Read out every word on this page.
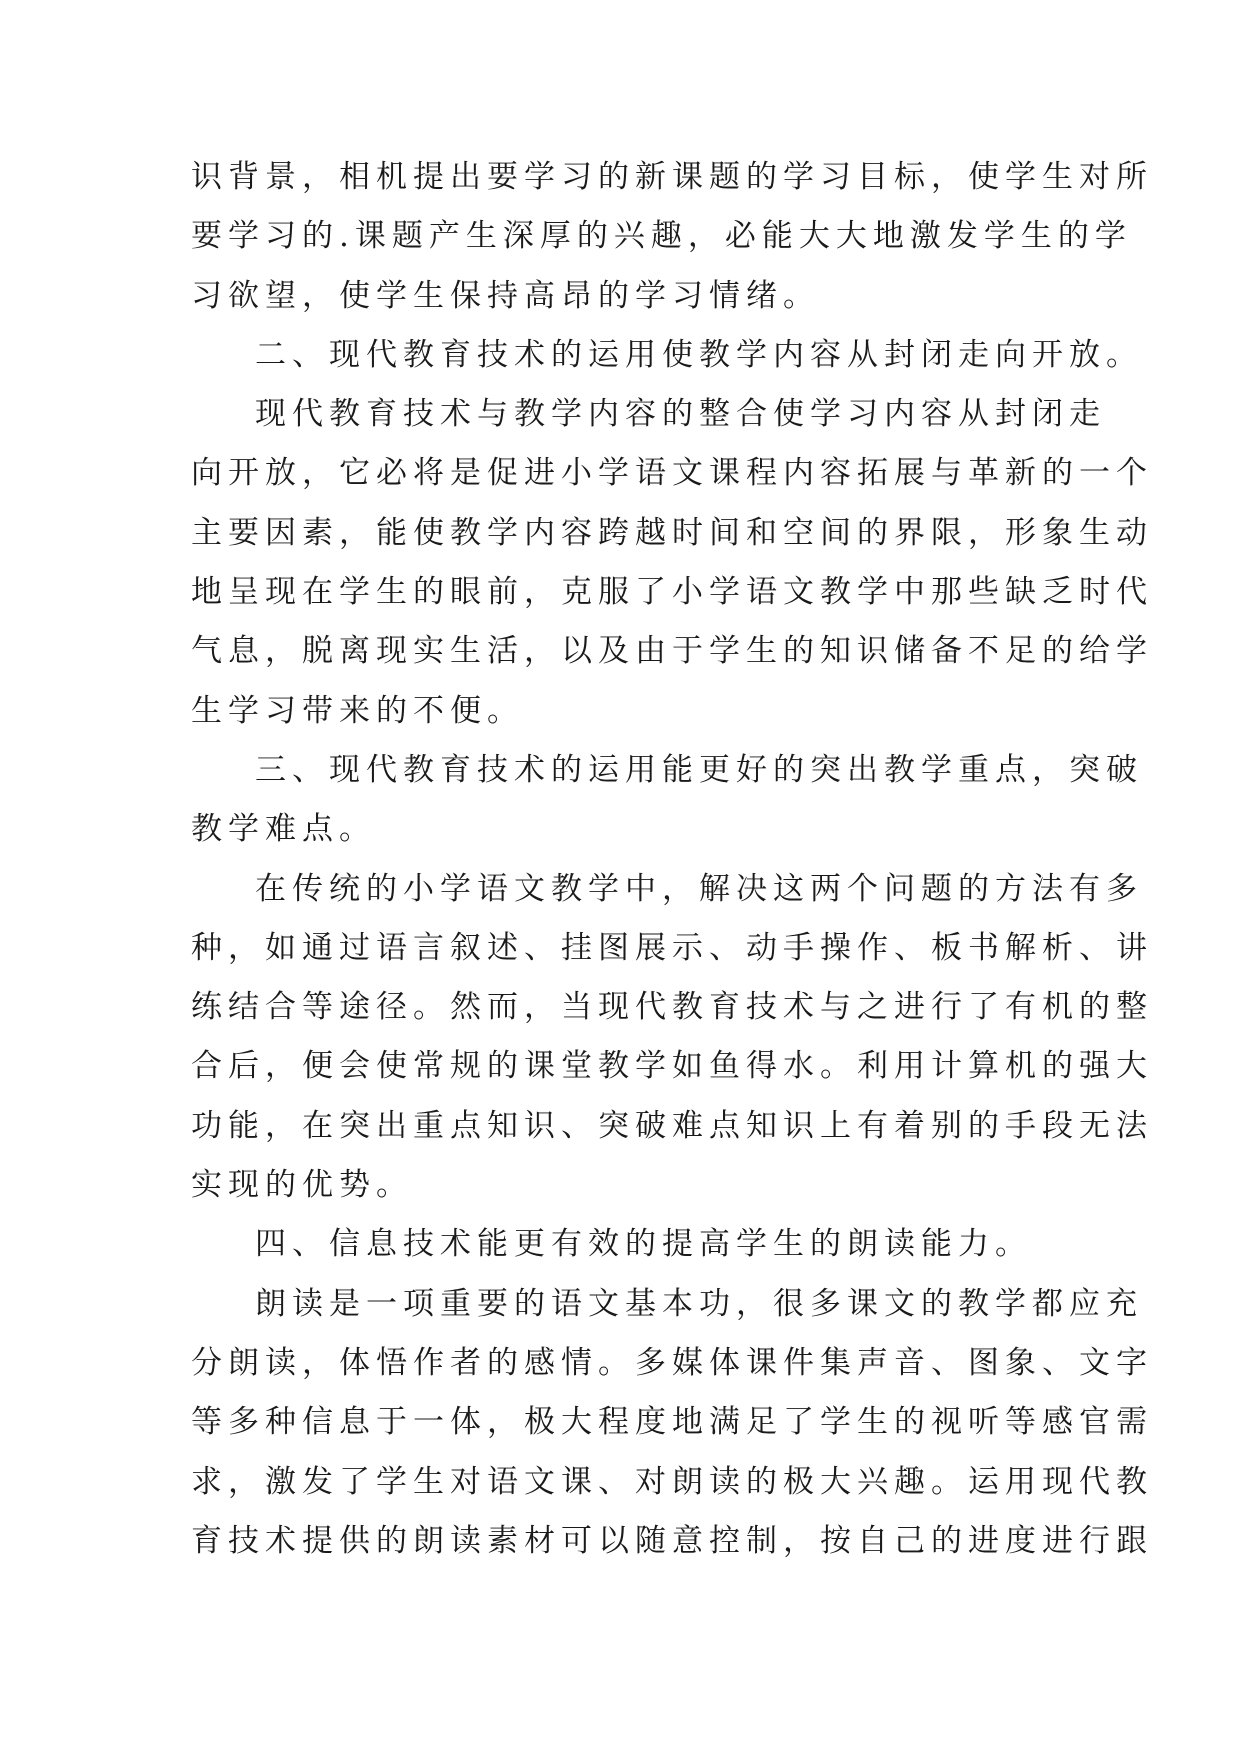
识背景，相机提出要学习的新课题的学习目标，使学生对所
要学习的.课题产生深厚的兴趣，必能大大地激发学生的学
习欲望，使学生保持高昂的学习情绪。
二、现代教育技术的运用使教学内容从封闭走向开放。
现代教育技术与教学内容的整合使学习内容从封闭走
向开放，它必将是促进小学语文课程内容拓展与革新的一个
主要因素，能使教学内容跨越时间和空间的界限，形象生动
地呈现在学生的眼前，克服了小学语文教学中那些缺乏时代
气息，脱离现实生活，以及由于学生的知识储备不足的给学
生学习带来的不便。
三、现代教育技术的运用能更好的突出教学重点，突破
教学难点。
在传统的小学语文教学中，解决这两个问题的方法有多
种，如通过语言叙述、挂图展示、动手操作、板书解析、讲
练结合等途径。然而，当现代教育技术与之进行了有机的整
合后，便会使常规的课堂教学如鱼得水。利用计算机的强大
功能，在突出重点知识、突破难点知识上有着别的手段无法
实现的优势。
四、信息技术能更有效的提高学生的朗读能力。
朗读是一项重要的语文基本功，很多课文的教学都应充
分朗读，体悟作者的感情。多媒体课件集声音、图象、文字
等多种信息于一体，极大程度地满足了学生的视听等感官需
求，激发了学生对语文课、对朗读的极大兴趣。运用现代教
育技术提供的朗读素材可以随意控制，按自己的进度进行跟
